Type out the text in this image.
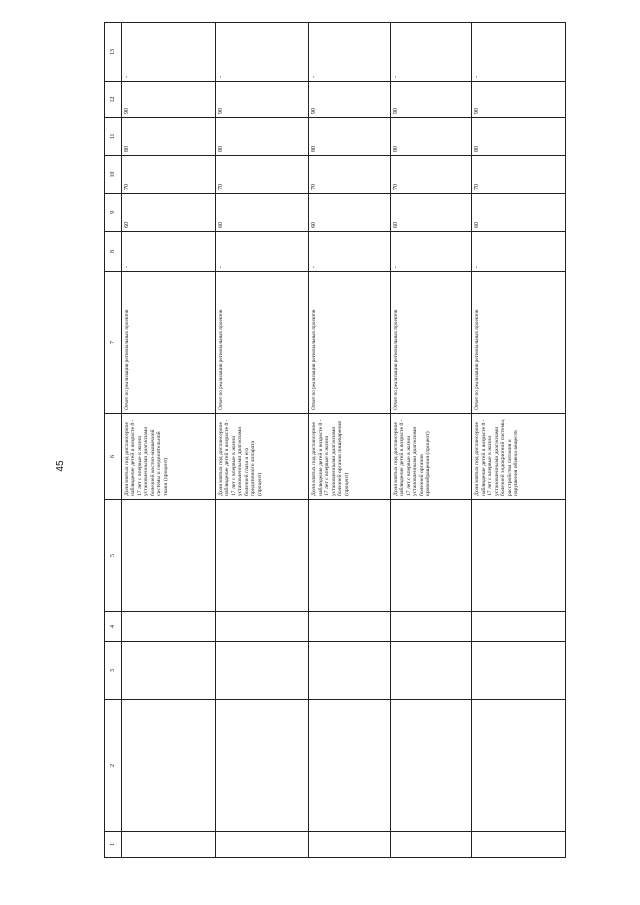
45
1	2	3	4	5	6	7	8	9	10	11	12	13
					Доля взятых под диспансерное наблюдение детей в возрасте 0 - 17 лет с впервые в жизни установленными диагнозами болезней костно-мышечной системы и соединительной ткани (процент)	Отчет по реализации региональных проектов	-	60	70	80	90	-
					Доля взятых под диспансерное наблюдение детей в возрасте 0 - 17 лет с впервые в жизни установленными диагнозами болезней глаза и его придаточного аппарата (процент)	Отчет по реализации региональных проектов	-	60	70	80	90	-
					Доля взятых под диспансерное наблюдение детей в возрасте 0 - 17 лет с впервые в жизни установленными диагнозами болезней органов пищеварения (процент)	Отчет по реализации региональных проектов	-	60	70	80	90	-
					Доля взятых под диспансерное наблюдение детей в возрасте 0 - 17 лет с впервые в жизни установленными диагнозами болезней органов кровообращения (процент)	Отчет по реализации региональных проектов	-	60	70	80	90	-
					Доля взятых под диспансерное наблюдение детей в возрасте 0 - 17 лет с впервые в жизни установленными диагнозами болезней эндокринной системы, расстройства питания и нарушения обмена веществ	Отчет по реализации региональных проектов	-	60	70	80	90	-
